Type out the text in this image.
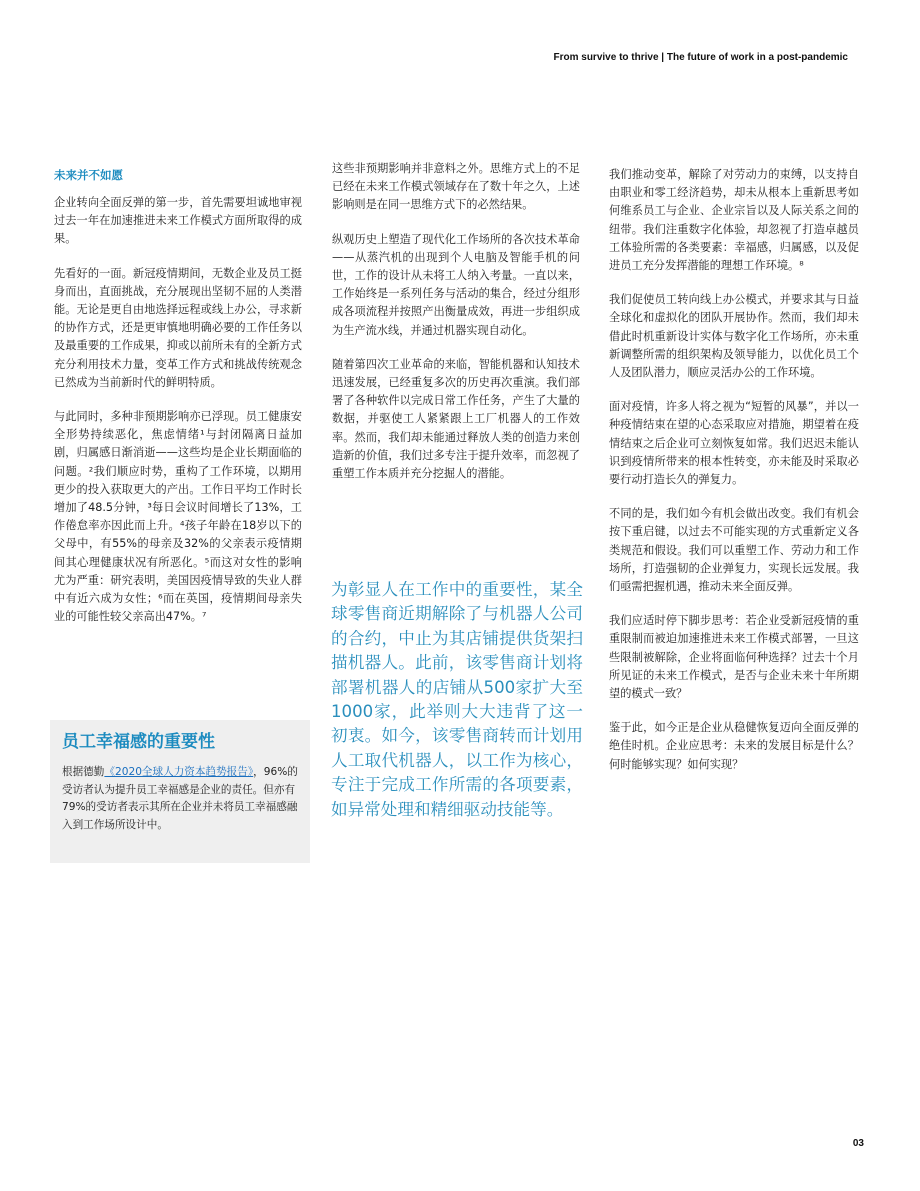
From survive to thrive | The future of work in a post-pandemic
未来并不如愿

企业转向全面反弹的第一步，首先需要坦诚地审视过去一年在加速推进未来工作模式方面所取得的成果。

先看好的一面。新冠疫情期间，无数企业及员工挺身而出，直面挑战，充分展现出坚韧不屈的人类潜能。无论是更自由地选择远程或线上办公，寻求新的协作方式，还是更审慎地明确必要的工作任务以及最重要的工作成果，抑或以前所未有的全新方式充分利用技术力量，变革工作方式和挑战传统观念已然成为当前新时代的鲜明特质。

与此同时，多种非预期影响亦已浮现。员工健康安全形势持续恶化，焦虑情绪¹与封闭隔离日益加剧，归属感日渐消逝——这些均是企业长期面临的问题。²我们顺应时势，重构了工作环境，以期用更少的投入获取更大的产出。工作日平均工作时长增加了48.5分钟，³每日会议时间增长了13%，工作倦怠率亦因此而上升。⁴孩子年龄在18岁以下的父母中，有55%的母亲及32%的父亲表示疫情期间其心理健康状况有所恶化。⁵而这对女性的影响尤为严重：研究表明，美国因疫情导致的失业人群中有近六成为女性；⁶而在英国，疫情期间母亲失业的可能性较父亲高出47%。⁷

员工幸福感的重要性
根据德勤《2020全球人力资本趋势报告》，96%的受访者认为提升员工幸福感是企业的责任。但亦有79%的受访者表示其所在企业并未将员工幸福感融入到工作场所设计中。

这些非预期影响并非意料之外。思维方式上的不足已经在未来工作模式领域存在了数十年之久，上述影响则是在同一思维方式下的必然结果。

纵观历史上塑造了现代化工作场所的各次技术革命——从蒸汽机的出现到个人电脑及智能手机的问世，工作的设计从未将工人纳入考量。一直以来，工作始终是一系列任务与活动的集合，经过分组形成各项流程并按照产出衡量成效，再进一步组织成为生产流水线，并通过机器实现自动化。

随着第四次工业革命的来临，智能机器和认知技术迅速发展，已经重复多次的历史再次重演。我们部署了各种软件以完成日常工作任务，产生了大量的数据，并驱使工人紧紧跟上工厂机器人的工作效率。然而，我们却未能通过释放人类的创造力来创造新的价值，我们过多专注于提升效率，而忽视了重塑工作本质并充分挖掘人的潜能。

为彰显人在工作中的重要性，某全球零售商近期解除了与机器人公司的合约，中止为其店铺提供货架扫描机器人。此前，该零售商计划将部署机器人的店铺从500家扩大至1000家，此举则大大违背了这一初衷。如今，该零售商转而计划用人工取代机器人，以工作为核心，专注于完成工作所需的各项要素，如异常处理和精细驱动技能等。

我们推动变革，解除了对劳动力的束缚，以支持自由职业和零工经济趋势，却未从根本上重新思考如何维系员工与企业、企业宗旨以及人际关系之间的纽带。我们注重数字化体验，却忽视了打造卓越员工体验所需的各类要素：幸福感，归属感，以及促进员工充分发挥潜能的理想工作环境。⁸

我们促使员工转向线上办公模式，并要求其与日益全球化和虚拟化的团队开展协作。然而，我们却未借此时机重新设计实体与数字化工作场所，亦未重新调整所需的组织架构及领导能力，以优化员工个人及团队潜力，顺应灵活办公的工作环境。

面对疫情，许多人将之视为“短暂的风暴”，并以一种疫情结束在望的心态采取应对措施，期望着在疫情结束之后企业可立刻恢复如常。我们迟迟未能认识到疫情所带来的根本性转变，亦未能及时采取必要行动打造长久的弹复力。

不同的是，我们如今有机会做出改变。我们有机会按下重启键，以过去不可能实现的方式重新定义各类规范和假设。我们可以重塑工作、劳动力和工作场所，打造强韧的企业弹复力，实现长远发展。我们亟需把握机遇，推动未来全面反弹。

我们应适时停下脚步思考：若企业受新冠疫情的重重限制而被迫加速推进未来工作模式部署，一旦这些限制被解除，企业将面临何种选择？过去十个月所见证的未来工作模式，是否与企业未来十年所期望的模式一致？

鉴于此，如今正是企业从稳健恢复迈向全面反弹的绝佳时机。企业应思考：未来的发展目标是什么？何时能够实现？如何实现？

03
